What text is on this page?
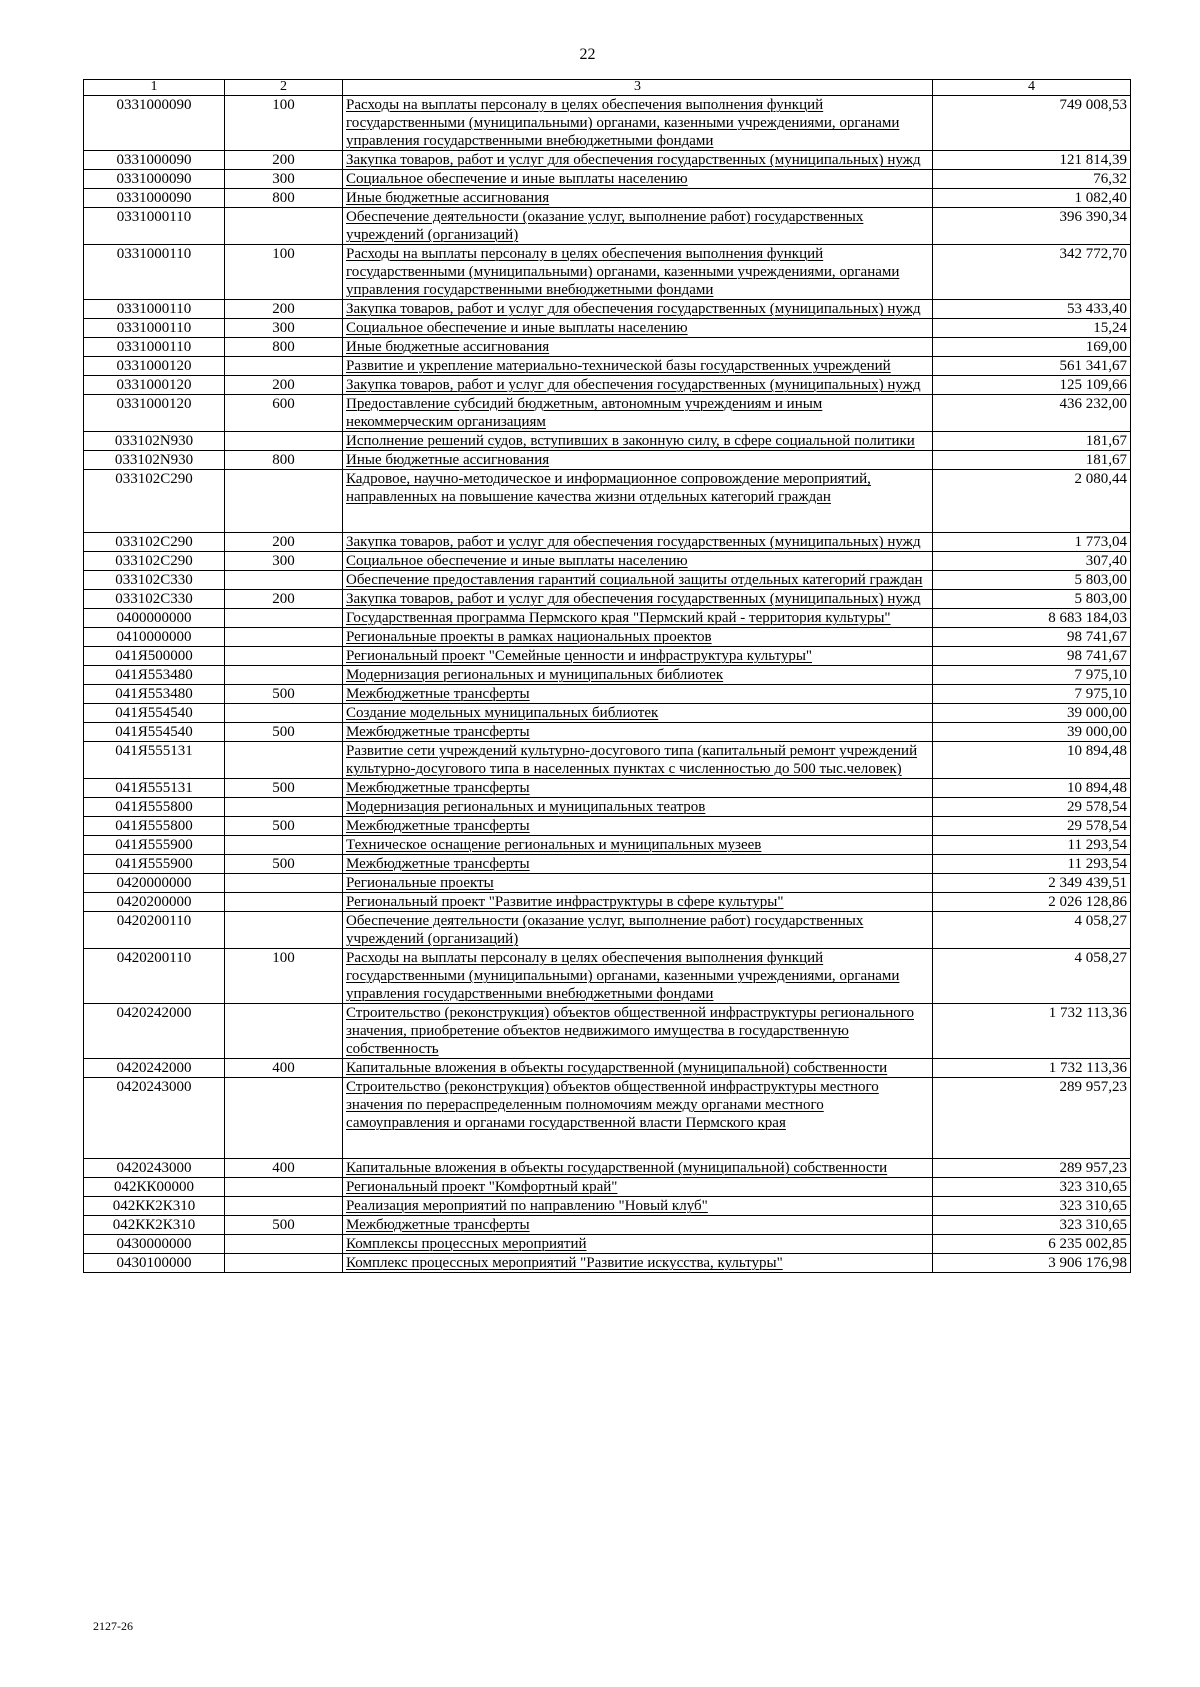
22
1	2	3	4
0331000090	100	Расходы на выплаты персоналу в целях обеспечения выполнения функций государственными (муниципальными) органами, казенными учреждениями, органами управления государственными внебюджетными фондами	749 008,53
0331000090	200	Закупка товаров, работ и услуг для обеспечения государственных (муниципальных) нужд	121 814,39
0331000090	300	Социальное обеспечение и иные выплаты населению	76,32
0331000090	800	Иные бюджетные ассигнования	1 082,40
0331000110		Обеспечение деятельности (оказание услуг, выполнение работ) государственных учреждений (организаций)	396 390,34
0331000110	100	Расходы на выплаты персоналу в целях обеспечения выполнения функций государственными (муниципальными) органами, казенными учреждениями, органами управления государственными внебюджетными фондами	342 772,70
0331000110	200	Закупка товаров, работ и услуг для обеспечения государственных (муниципальных) нужд	53 433,40
0331000110	300	Социальное обеспечение и иные выплаты населению	15,24
0331000110	800	Иные бюджетные ассигнования	169,00
0331000120		Развитие и укрепление материально-технической базы государственных учреждений	561 341,67
0331000120	200	Закупка товаров, работ и услуг для обеспечения государственных (муниципальных) нужд	125 109,66
0331000120	600	Предоставление субсидий бюджетным, автономным учреждениям и иным некоммерческим организациям	436 232,00
033102N930		Исполнение решений судов, вступивших в законную силу, в сфере социальной политики	181,67
033102N930	800	Иные бюджетные ассигнования	181,67
033102С290		Кадровое, научно-методическое и информационное сопровождение мероприятий, направленных на повышение качества жизни отдельных категорий граждан	2 080,44
033102С290	200	Закупка товаров, работ и услуг для обеспечения государственных (муниципальных) нужд	1 773,04
033102С290	300	Социальное обеспечение и иные выплаты населению	307,40
033102С330		Обеспечение предоставления гарантий социальной защиты отдельных категорий граждан	5 803,00
033102С330	200	Закупка товаров, работ и услуг для обеспечения государственных (муниципальных) нужд	5 803,00
0400000000		Государственная программа Пермского края "Пермский край - территория культуры"	8 683 184,03
0410000000		Региональные проекты в рамках национальных проектов	98 741,67
041Я500000		Региональный проект "Семейные ценности и инфраструктура культуры"	98 741,67
041Я553480		Модернизация региональных и муниципальных библиотек	7 975,10
041Я553480	500	Межбюджетные трансферты	7 975,10
041Я554540		Создание модельных муниципальных библиотек	39 000,00
041Я554540	500	Межбюджетные трансферты	39 000,00
041Я555131		Развитие сети учреждений культурно-досугового типа (капитальный ремонт учреждений культурно-досугового типа в населенных пунктах с численностью до 500 тыс.человек)	10 894,48
041Я555131	500	Межбюджетные трансферты	10 894,48
041Я555800		Модернизация региональных и муниципальных театров	29 578,54
041Я555800	500	Межбюджетные трансферты	29 578,54
041Я555900		Техническое оснащение региональных и муниципальных музеев	11 293,54
041Я555900	500	Межбюджетные трансферты	11 293,54
0420000000		Региональные проекты	2 349 439,51
0420200000		Региональный проект "Развитие инфраструктуры в сфере культуры"	2 026 128,86
0420200110		Обеспечение деятельности (оказание услуг, выполнение работ) государственных учреждений (организаций)	4 058,27
0420200110	100	Расходы на выплаты персоналу в целях обеспечения выполнения функций государственными (муниципальными) органами, казенными учреждениями, органами управления государственными внебюджетными фондами	4 058,27
0420242000		Строительство (реконструкция) объектов общественной инфраструктуры регионального значения, приобретение объектов недвижимого имущества в государственную собственность	1 732 113,36
0420242000	400	Капитальные вложения в объекты государственной (муниципальной) собственности	1 732 113,36
0420243000		Строительство (реконструкция) объектов общественной инфраструктуры местного значения по перераспределенным полномочиям между органами местного самоуправления и органами государственной власти Пермского края	289 957,23
0420243000	400	Капитальные вложения в объекты государственной (муниципальной) собственности	289 957,23
042КК00000		Региональный проект "Комфортный край"	323 310,65
042КК2К310		Реализация мероприятий по направлению "Новый клуб"	323 310,65
042КК2К310	500	Межбюджетные трансферты	323 310,65
0430000000		Комплексы процессных мероприятий	6 235 002,85
0430100000		Комплекс процессных мероприятий "Развитие искусства, культуры"	3 906 176,98
2127-26
